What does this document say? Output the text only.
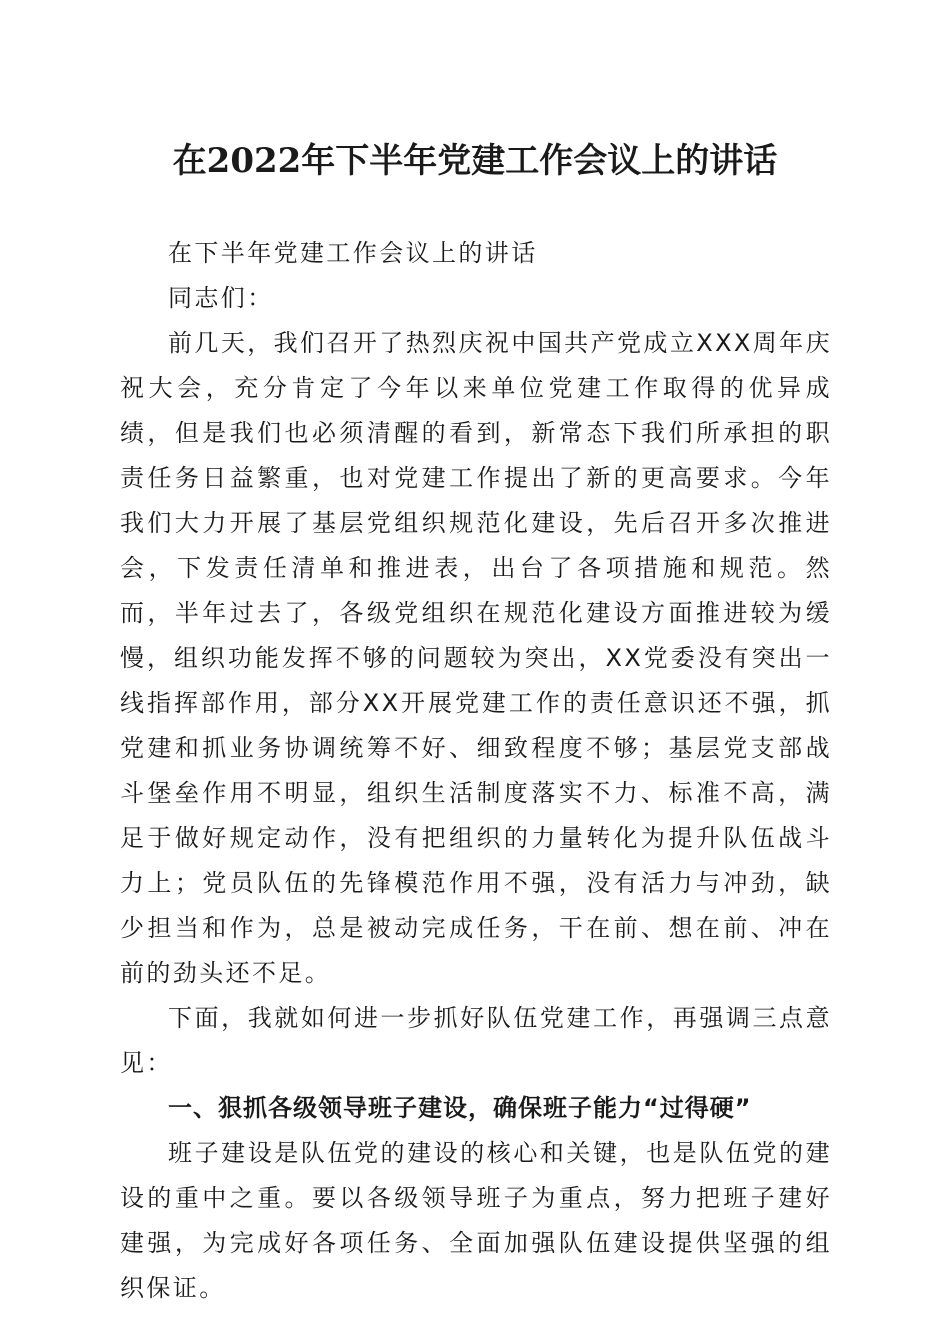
在2022年下半年党建工作会议上的讲话

在下半年党建工作会议上的讲话

同志们：

前几天，我们召开了热烈庆祝中国共产党成立XXX周年庆祝大会，充分肯定了今年以来单位党建工作取得的优异成绩，但是我们也必须清醒的看到，新常态下我们所承担的职责任务日益繁重，也对党建工作提出了新的更高要求。今年我们大力开展了基层党组织规范化建设，先后召开多次推进会，下发责任清单和推进表，出台了各项措施和规范。然而，半年过去了，各级党组织在规范化建设方面推进较为缓慢，组织功能发挥不够的问题较为突出，XX党委没有突出一线指挥部作用，部分XX开展党建工作的责任意识还不强，抓党建和抓业务协调统筹不好、细致程度不够；基层党支部战斗堡垒作用不明显，组织生活制度落实不力、标准不高，满足于做好规定动作，没有把组织的力量转化为提升队伍战斗力上；党员队伍的先锋模范作用不强，没有活力与冲劲，缺少担当和作为，总是被动完成任务，干在前、想在前、冲在前的劲头还不足。

下面，我就如何进一步抓好队伍党建工作，再强调三点意见：

一、狠抓各级领导班子建设，确保班子能力“过得硬”

班子建设是队伍党的建设的核心和关键，也是队伍党的建设的重中之重。要以各级领导班子为重点，努力把班子建好建强，为完成好各项任务、全面加强队伍建设提供坚强的组织保证。
